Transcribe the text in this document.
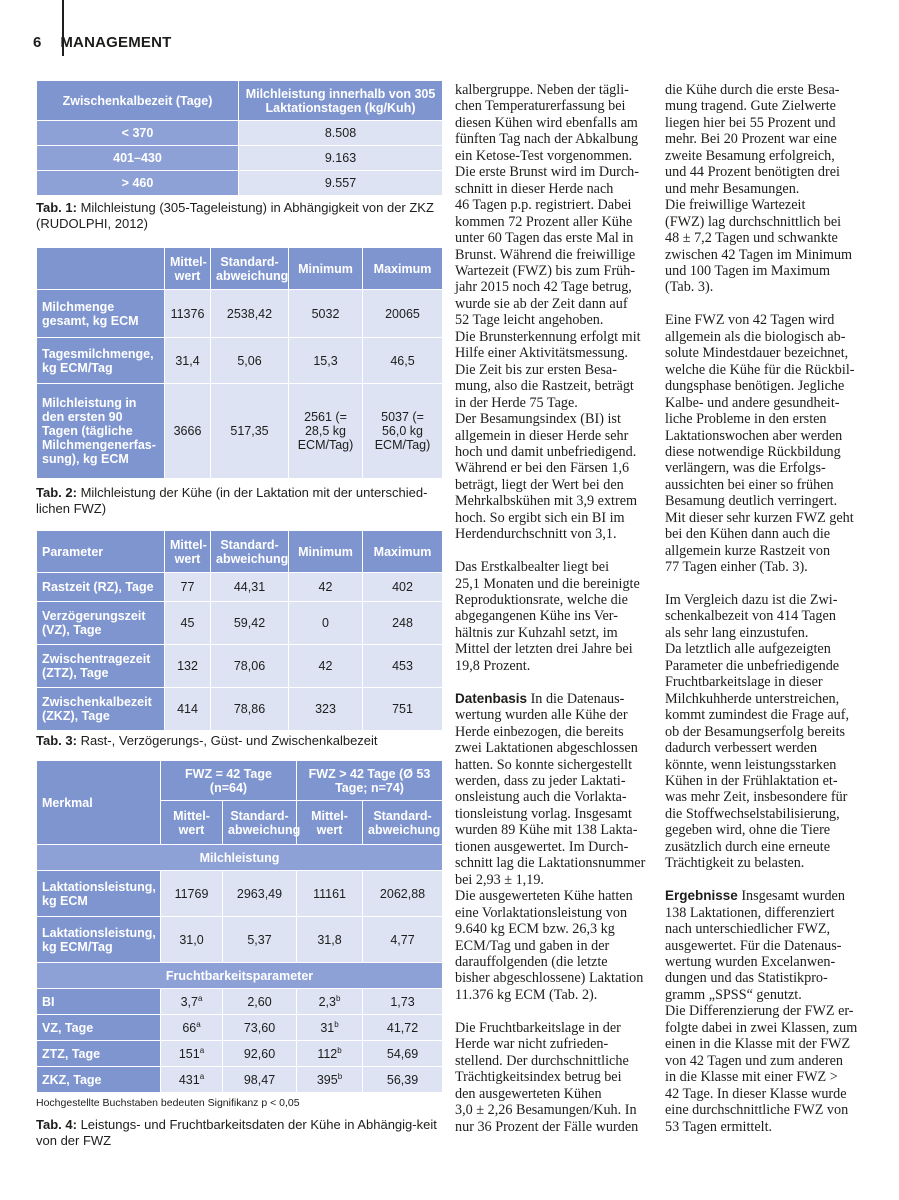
6 MANAGEMENT
Zwischenkalbezeit (Tage)	Milchleistung innerhalb von 305 Laktationstagen (kg/Kuh)
< 370	8.508
401–430	9.163
> 460	9.557
Tab. 1: Milchleistung (305-Tageleistung) in Abhängigkeit von der ZKZ (RUDOLPHI, 2012)
	Mittel-wert	Standard-abweichung	Minimum	Maximum
Milchmenge gesamt, kg ECM	11376	2538,42	5032	20065
Tagesmilchmenge, kg ECM/Tag	31,4	5,06	15,3	46,5
Milchleistung in den ersten 90 Tagen (tägliche Milchmengenerfas-sung), kg ECM	3666	517,35	2561 (= 28,5 kg ECM/Tag)	5037 (= 56,0 kg ECM/Tag)
Tab. 2: Milchleistung der Kühe (in der Laktation mit der unterschied-lichen FWZ)
Parameter	Mittel-wert	Standard-abweichung	Minimum	Maximum
Rastzeit (RZ), Tage	77	44,31	42	402
Verzögerungszeit (VZ), Tage	45	59,42	0	248
Zwischentragezeit (ZTZ), Tage	132	78,06	42	453
Zwischenkalbezeit (ZKZ), Tage	414	78,86	323	751
Tab. 3: Rast-, Verzögerungs-, Güst- und Zwischenkalbezeit
Merkmal	FWZ = 42 Tage (n=64)		FWZ > 42 Tage (Ø 53 Tage; n=74)	
	Mittel-wert	Standard-abweichung	Mittel-wert	Standard-abweichung
Milchleistung				
Laktationsleistung, kg ECM	11769	2963,49	11161	2062,88
Laktationsleistung, kg ECM/Tag	31,0	5,37	31,8	4,77
Fruchtbarkeitsparameter				
BI	3,7$^a$	2,60	2,3$^b$	1,73
VZ, Tage	66$^a$	73,60	31$^b$	41,72
ZTZ, Tage	151$^a$	92,60	112$^b$	54,69
ZKZ, Tage	431$^a$	98,47	395$^b$	56,39
Hochgestellte Buchstaben bedeuten Signifikanz p < 0,05
Tab. 4: Leistungs- und Fruchtbarkeitsdaten der Kühe in Abhängig-keit von der FWZ

kalbergruppe. Neben der tägli-

chen Temperaturerfassung bei

diesen Kühen wird ebenfalls am

fünften Tag nach der Abkalbung

ein Ketose-Test vorgenommen.

Die erste Brunst wird im Durch-

schnitt in dieser Herde nach

46 Tagen p.p. registriert. Dabei

kommen 72 Prozent aller Kühe

unter 60 Tagen das erste Mal in

Brunst. Während die freiwillige

Wartezeit (FWZ) bis zum Früh-

jahr 2015 noch 42 Tage betrug,

wurde sie ab der Zeit dann auf

52 Tage leicht angehoben.

Die Brunsterkennung erfolgt mit

Hilfe einer Aktivitätsmessung.

Die Zeit bis zur ersten Besa-

mung, also die Rastzeit, beträgt

in der Herde 75 Tage.

Der Besamungsindex (BI) ist

allgemein in dieser Herde sehr

hoch und damit unbefriedigend.

Während er bei den Färsen 1,6

beträgt, liegt der Wert bei den

Mehrkalbskühen mit 3,9 extrem

hoch. So ergibt sich ein BI im

Herdendurchschnitt von 3,1.

Das Erstkalbealter liegt bei

25,1 Monaten und die bereinigte

Reproduktionsrate, welche die

abgegangenen Kühe ins Ver-

hältnis zur Kuhzahl setzt, im

Mittel der letzten drei Jahre bei

19,8 Prozent.

Datenbasis In die Datenaus-

wertung wurden alle Kühe der

Herde einbezogen, die bereits

zwei Laktationen abgeschlossen

hatten. So konnte sichergestellt

werden, dass zu jeder Laktati-

onsleistung auch die Vorlakta-

tionsleistung vorlag. Insgesamt

wurden 89 Kühe mit 138 Lakta-

tionen ausgewertet. Im Durch-

schnitt lag die Laktationsnummer

bei 2,93 ± 1,19.

Die ausgewerteten Kühe hatten

eine Vorlaktationsleistung von

9.640 kg ECM bzw. 26,3 kg

ECM/Tag und gaben in der

darauffolgenden (die letzte

bisher abgeschlossene) Laktation

11.376 kg ECM (Tab. 2).

Die Fruchtbarkeitslage in der

Herde war nicht zufrieden-

stellend. Der durchschnittliche

Trächtigkeitsindex betrug bei

den ausgewerteten Kühen

3,0 ± 2,26 Besamungen/Kuh. In

nur 36 Prozent der Fälle wurden

die Kühe durch die erste Besa-

mung tragend. Gute Zielwerte

liegen hier bei 55 Prozent und

mehr. Bei 20 Prozent war eine

zweite Besamung erfolgreich,

und 44 Prozent benötigten drei

und mehr Besamungen.

Die freiwillige Wartezeit

(FWZ) lag durchschnittlich bei

48 ± 7,2 Tagen und schwankte

zwischen 42 Tagen im Minimum

und 100 Tagen im Maximum

(Tab. 3).

Eine FWZ von 42 Tagen wird

allgemein als die biologisch ab-

solute Mindestdauer bezeichnet,

welche die Kühe für die Rückbil-

dungsphase benötigen. Jegliche

Kalbe- und andere gesundheit-

liche Probleme in den ersten

Laktationswochen aber werden

diese notwendige Rückbildung

verlängern, was die Erfolgs-

aussichten bei einer so frühen

Besamung deutlich verringert.

Mit dieser sehr kurzen FWZ geht

bei den Kühen dann auch die

allgemein kurze Rastzeit von

77 Tagen einher (Tab. 3).

Im Vergleich dazu ist die Zwi-

schenkalbezeit von 414 Tagen

als sehr lang einzustufen.

Da letztlich alle aufgezeigten

Parameter die unbefriedigende

Fruchtbarkeitslage in dieser

Milchkuhherde unterstreichen,

kommt zumindest die Frage auf,

ob der Besamungserfolg bereits

dadurch verbessert werden

könnte, wenn leistungsstarken

Kühen in der Frühlaktation et-

was mehr Zeit, insbesondere für

die Stoffwechselstabilisierung,

gegeben wird, ohne die Tiere

zusätzlich durch eine erneute

Trächtigkeit zu belasten.

Ergebnisse Insgesamt wurden

138 Laktationen, differenziert

nach unterschiedlicher FWZ,

ausgewertet. Für die Datenaus-

wertung wurden Excelanwen-

dungen und das Statistikpro-

gramm „SPSS“ genutzt.

Die Differenzierung der FWZ er-

folgte dabei in zwei Klassen, zum

einen in die Klasse mit der FWZ

von 42 Tagen und zum anderen

in die Klasse mit einer FWZ >

42 Tage. In dieser Klasse wurde

eine durchschnittliche FWZ von

53 Tagen ermittelt.
